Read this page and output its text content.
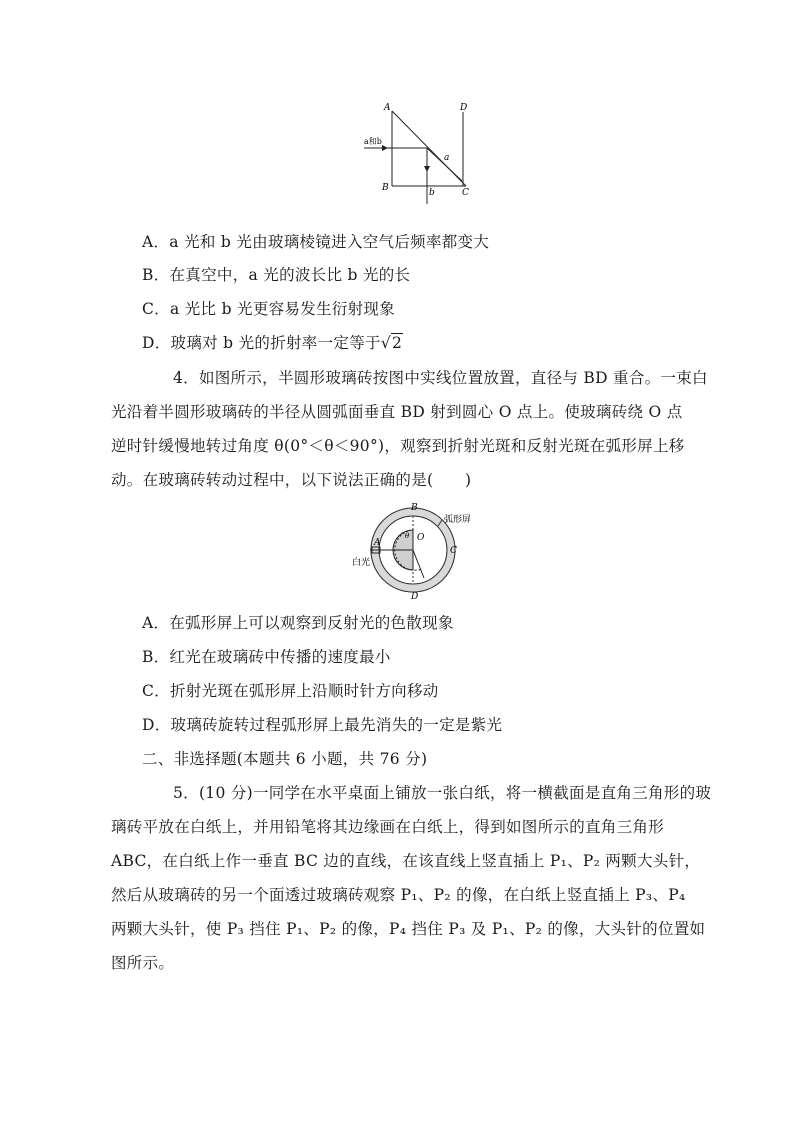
A	D
B	C
a和b
a
b
A．a 光和 b 光由玻璃棱镜进入空气后频率都变大
B．在真空中，a 光的波长比 b 光的长
C．a 光比 b 光更容易发生衍射现象
D．玻璃对 b 光的折射率一定等于√2
4．如图所示，半圆形玻璃砖按图中实线位置放置，直径与 BD 重合。一束白
光沿着半圆形玻璃砖的半径从圆弧面垂直 BD 射到圆心 O 点上。使玻璃砖绕 O 点
逆时针缓慢地转过角度 θ(0°＜θ＜90°)，观察到折射光斑和反射光斑在弧形屏上移
动。在玻璃砖转动过程中，以下说法正确的是(　　)
B
D
A
C
O
θ
弧形屏
白光
A．在弧形屏上可以观察到反射光的色散现象
B．红光在玻璃砖中传播的速度最小
C．折射光斑在弧形屏上沿顺时针方向移动
D．玻璃砖旋转过程弧形屏上最先消失的一定是紫光
二、非选择题(本题共 6 小题，共 76 分)
5．(10 分)一同学在水平桌面上铺放一张白纸，将一横截面是直角三角形的玻
璃砖平放在白纸上，并用铅笔将其边缘画在白纸上，得到如图所示的直角三角形
ABC，在白纸上作一垂直 BC 边的直线，在该直线上竖直插上 P₁、P₂ 两颗大头针，
然后从玻璃砖的另一个面透过玻璃砖观察 P₁、P₂ 的像，在白纸上竖直插上 P₃、P₄
两颗大头针，使 P₃ 挡住 P₁、P₂ 的像，P₄ 挡住 P₃ 及 P₁、P₂ 的像，大头针的位置如
图所示。
